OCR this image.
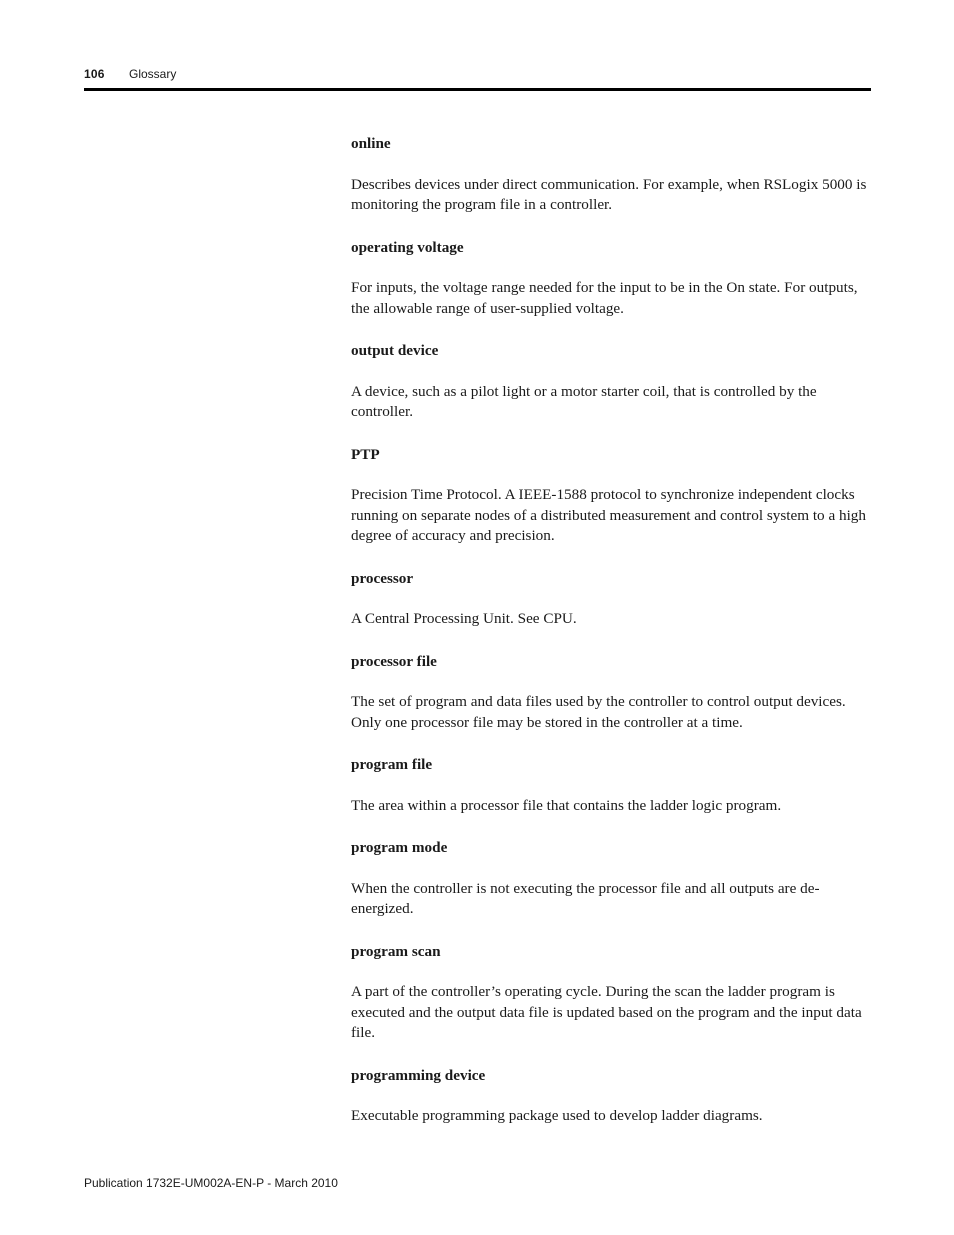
106 Glossary
online

Describes devices under direct communication. For example, when RSLogix 5000 is monitoring the program file in a controller.

operating voltage

For inputs, the voltage range needed for the input to be in the On state. For outputs, the allowable range of user-supplied voltage.

output device

A device, such as a pilot light or a motor starter coil, that is controlled by the controller.

PTP

Precision Time Protocol. A IEEE-1588 protocol to synchronize independent clocks running on separate nodes of a distributed measurement and control system to a high degree of accuracy and precision.

processor

A Central Processing Unit. See CPU.

processor file

The set of program and data files used by the controller to control output devices. Only one processor file may be stored in the controller at a time.

program file

The area within a processor file that contains the ladder logic program.

program mode

When the controller is not executing the processor file and all outputs are de-energized.

program scan

A part of the controller’s operating cycle. During the scan the ladder program is executed and the output data file is updated based on the program and the input data file.

programming device

Executable programming package used to develop ladder diagrams.

Publication 1732E-UM002A-EN-P - March 2010
